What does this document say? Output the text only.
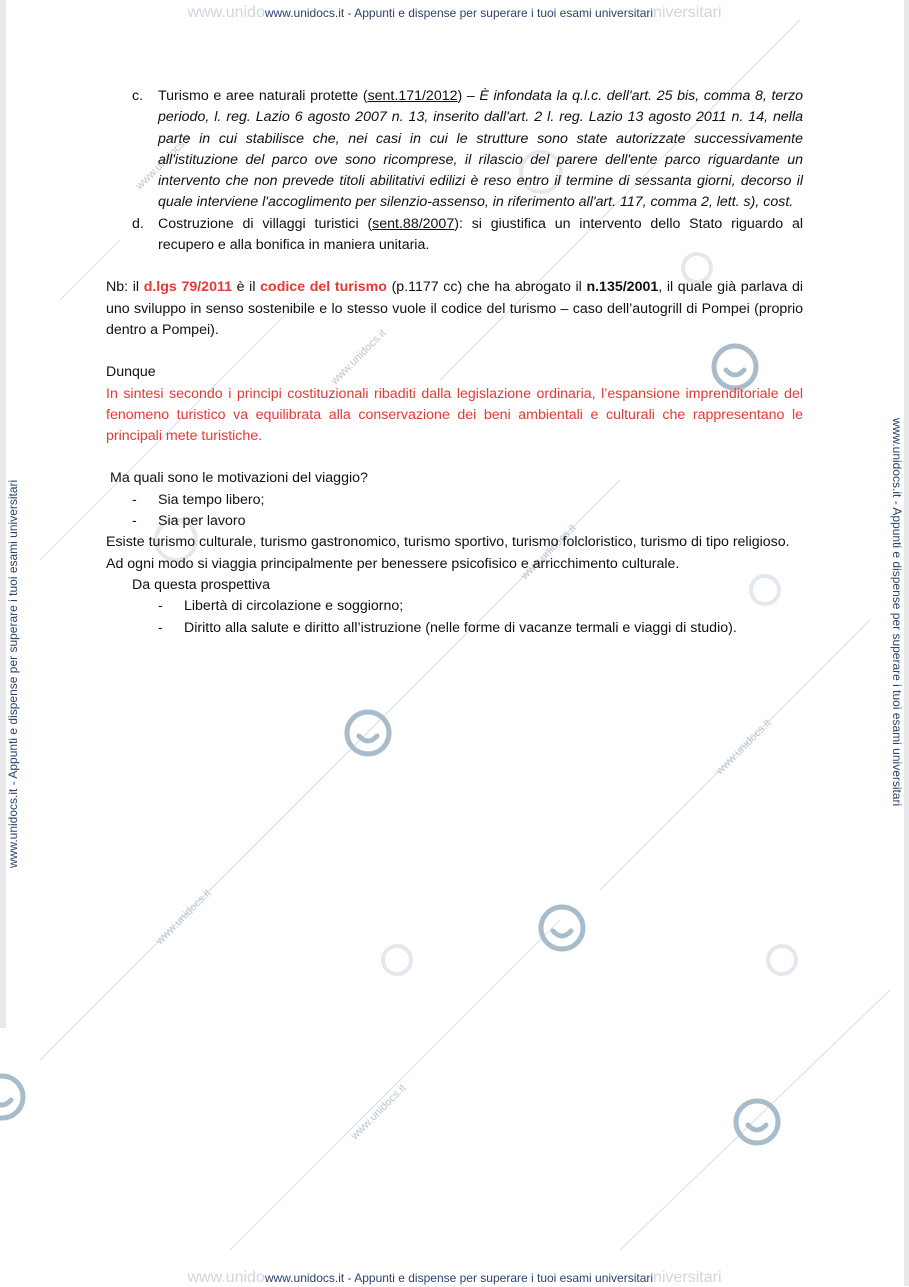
www.unidocs.it
www.unidocs.it
www.unidocs.it
www.unidocs.it
www.unidocs.it
www.unidocs.it
www.unidowww.unidocs.it - Appunti e dispense per superare i tuoi esami universitariniversitari
www.unidowww.unidocs.it - Appunti e dispense per superare i tuoi esami universitariniversitari
www.unidocs.it - Appunti e dispense per superare i tuoi esami universitari	www.unidocs.it - Appunti e dispense per superare i tuoi esami universitari
c.	Turismo e aree naturali protette (sent.171/2012) – È infondata la q.l.c. dell'art. 25 bis, comma 8, terzo periodo, l. reg. Lazio 6 agosto 2007 n. 13, inserito dall'art. 2 l. reg. Lazio 13 agosto 2011 n. 14, nella parte in cui stabilisce che, nei casi in cui le strutture sono state autorizzate successivamente all'istituzione del parco ove sono ricomprese, il rilascio del parere dell'ente parco riguardante un intervento che non prevede titoli abilitativi edilizi è reso entro il termine di sessanta giorni, decorso il quale interviene l'accoglimento per silenzio-assenso, in riferimento all'art. 117, comma 2, lett. s), cost.
d. Costruzione di villaggi turistici (sent.88/2007): si giustifica un intervento dello Stato riguardo al recupero e alla bonifica in maniera unitaria.

Nb: il d.lgs 79/2011 è il codice del turismo (p.1177 cc) che ha abrogato il n.135/2001, il quale già parlava di uno sviluppo in senso sostenibile e lo stesso vuole il codice del turismo – caso dell’autogrill di Pompei (proprio dentro a Pompei).

Dunque

In sintesi secondo i principi costituzionali ribaditi dalla legislazione ordinaria, l’espansione imprenditoriale del fenomeno turistico va equilibrata alla conservazione dei beni ambientali e culturali che rappresentano le principali mete turistiche.

Ma quali sono le motivazioni del viaggio?

-	Sia tempo libero;
-	Sia per lavoro

Esiste turismo culturale, turismo gastronomico, turismo sportivo, turismo folcloristico, turismo di tipo religioso.

Ad ogni modo si viaggia principalmente per benessere psicofisico e arricchimento culturale.

Da questa prospettiva

-	Libertà di circolazione e soggiorno;
-	Diritto alla salute e diritto all’istruzione (nelle forme di vacanze termali e viaggi di studio).
